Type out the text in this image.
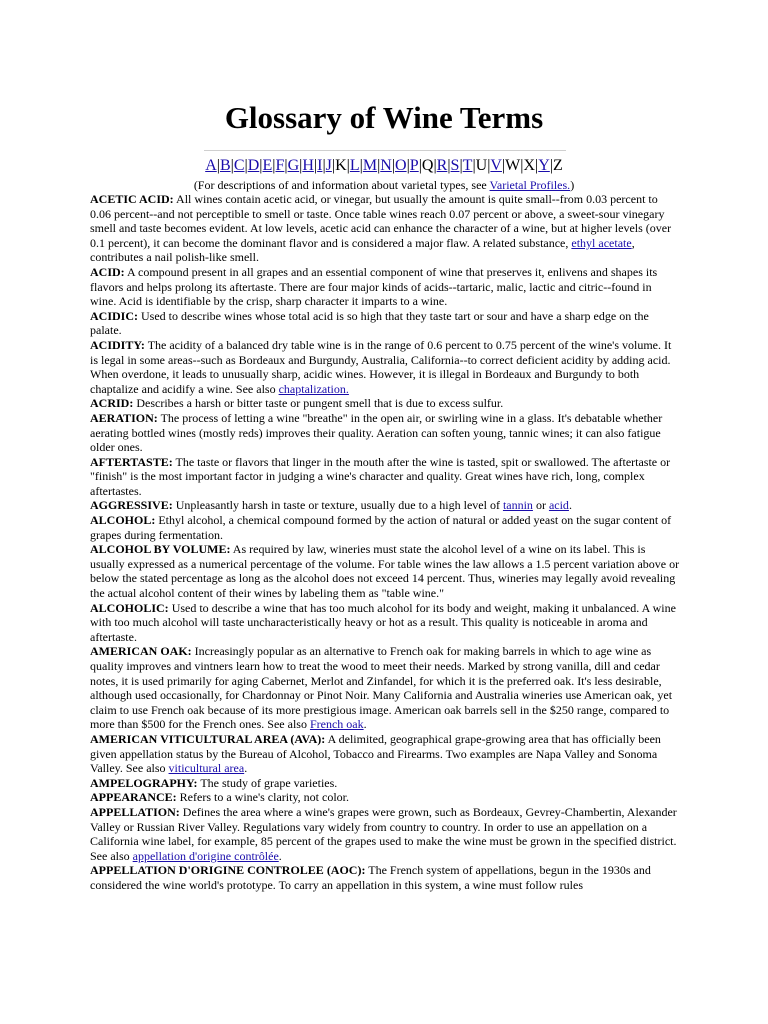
Glossary of Wine Terms
A|B|C|D|E|F|G|H|I|J|K|L|M|N|O|P|Q|R|S|T|U|V|W|X|Y|Z
(For descriptions of and information about varietal types, see Varietal Profiles.)

ACETIC ACID: All wines contain acetic acid, or vinegar, but usually the amount is quite small--from 0.03 percent to 0.06 percent--and not perceptible to smell or taste. Once table wines reach 0.07 percent or above, a sweet-sour vinegary smell and taste becomes evident. At low levels, acetic acid can enhance the character of a wine, but at higher levels (over 0.1 percent), it can become the dominant flavor and is considered a major flaw. A related substance, ethyl acetate, contributes a nail polish-like smell.

ACID: A compound present in all grapes and an essential component of wine that preserves it, enlivens and shapes its flavors and helps prolong its aftertaste. There are four major kinds of acids--tartaric, malic, lactic and citric--found in wine. Acid is identifiable by the crisp, sharp character it imparts to a wine.

ACIDIC: Used to describe wines whose total acid is so high that they taste tart or sour and have a sharp edge on the palate.

ACIDITY: The acidity of a balanced dry table wine is in the range of 0.6 percent to 0.75 percent of the wine's volume. It is legal in some areas--such as Bordeaux and Burgundy, Australia, California--to correct deficient acidity by adding acid. When overdone, it leads to unusually sharp, acidic wines. However, it is illegal in Bordeaux and Burgundy to both chaptalize and acidify a wine. See also chaptalization.

ACRID: Describes a harsh or bitter taste or pungent smell that is due to excess sulfur.

AERATION: The process of letting a wine "breathe" in the open air, or swirling wine in a glass. It's debatable whether aerating bottled wines (mostly reds) improves their quality. Aeration can soften young, tannic wines; it can also fatigue older ones.

AFTERTASTE: The taste or flavors that linger in the mouth after the wine is tasted, spit or swallowed. The aftertaste or "finish" is the most important factor in judging a wine's character and quality. Great wines have rich, long, complex aftertastes.

AGGRESSIVE: Unpleasantly harsh in taste or texture, usually due to a high level of tannin or acid.

ALCOHOL: Ethyl alcohol, a chemical compound formed by the action of natural or added yeast on the sugar content of grapes during fermentation.

ALCOHOL BY VOLUME: As required by law, wineries must state the alcohol level of a wine on its label. This is usually expressed as a numerical percentage of the volume. For table wines the law allows a 1.5 percent variation above or below the stated percentage as long as the alcohol does not exceed 14 percent. Thus, wineries may legally avoid revealing the actual alcohol content of their wines by labeling them as "table wine."

ALCOHOLIC: Used to describe a wine that has too much alcohol for its body and weight, making it unbalanced. A wine with too much alcohol will taste uncharacteristically heavy or hot as a result. This quality is noticeable in aroma and aftertaste.

AMERICAN OAK: Increasingly popular as an alternative to French oak for making barrels in which to age wine as quality improves and vintners learn how to treat the wood to meet their needs. Marked by strong vanilla, dill and cedar notes, it is used primarily for aging Cabernet, Merlot and Zinfandel, for which it is the preferred oak. It's less desirable, although used occasionally, for Chardonnay or Pinot Noir. Many California and Australia wineries use American oak, yet claim to use French oak because of its more prestigious image. American oak barrels sell in the $250 range, compared to more than $500 for the French ones. See also French oak.

AMERICAN VITICULTURAL AREA (AVA): A delimited, geographical grape-growing area that has officially been given appellation status by the Bureau of Alcohol, Tobacco and Firearms. Two examples are Napa Valley and Sonoma Valley. See also viticultural area.

AMPELOGRAPHY: The study of grape varieties.

APPEARANCE: Refers to a wine's clarity, not color.

APPELLATION: Defines the area where a wine's grapes were grown, such as Bordeaux, Gevrey-Chambertin, Alexander Valley or Russian River Valley. Regulations vary widely from country to country. In order to use an appellation on a California wine label, for example, 85 percent of the grapes used to make the wine must be grown in the specified district. See also appellation d'origine contrôlée.

APPELLATION D'ORIGINE CONTROLEE (AOC): The French system of appellations, begun in the 1930s and considered the wine world's prototype. To carry an appellation in this system, a wine must follow rules
